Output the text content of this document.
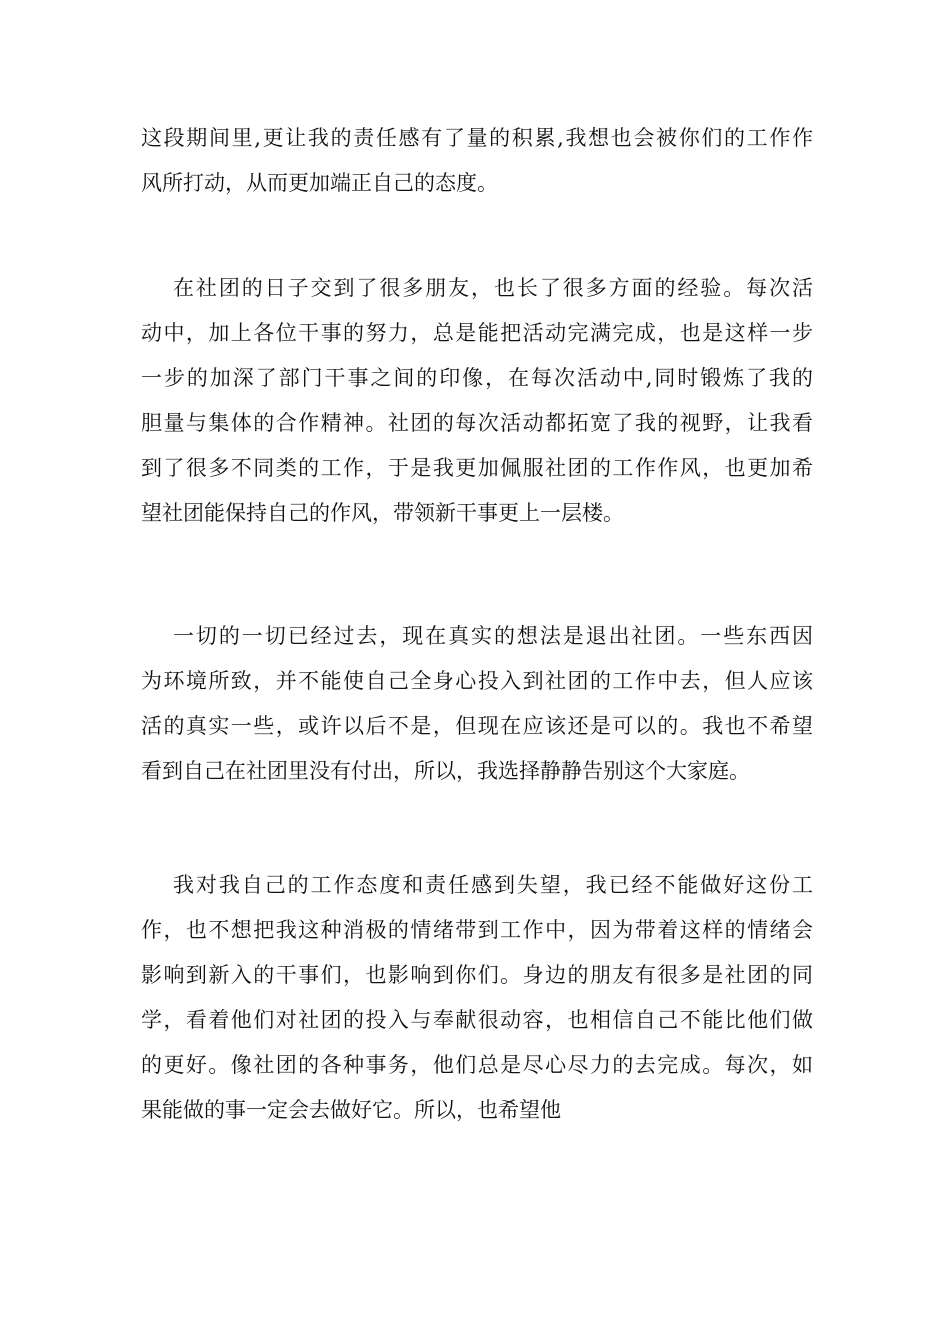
这段期间里,更让我的责任感有了量的积累,我想也会被你们的工作作
风所打动，从而更加端正自己的态度。
在社团的日子交到了很多朋友，也长了很多方面的经验。每次活
动中，加上各位干事的努力，总是能把活动完满完成，也是这样一步
一步的加深了部门干事之间的印像，在每次活动中,同时锻炼了我的
胆量与集体的合作精神。社团的每次活动都拓宽了我的视野，让我看
到了很多不同类的工作，于是我更加佩服社团的工作作风，也更加希
望社团能保持自己的作风，带领新干事更上一层楼。
一切的一切已经过去，现在真实的想法是退出社团。一些东西因
为环境所致，并不能使自己全身心投入到社团的工作中去，但人应该
活的真实一些，或许以后不是，但现在应该还是可以的。我也不希望
看到自己在社团里没有付出，所以，我选择静静告别这个大家庭。
我对我自己的工作态度和责任感到失望，我已经不能做好这份工
作，也不想把我这种消极的情绪带到工作中，因为带着这样的情绪会
影响到新入的干事们，也影响到你们。身边的朋友有很多是社团的同
学，看着他们对社团的投入与奉献很动容，也相信自己不能比他们做
的更好。像社团的各种事务，他们总是尽心尽力的去完成。每次，如
果能做的事一定会去做好它。所以，也希望他
